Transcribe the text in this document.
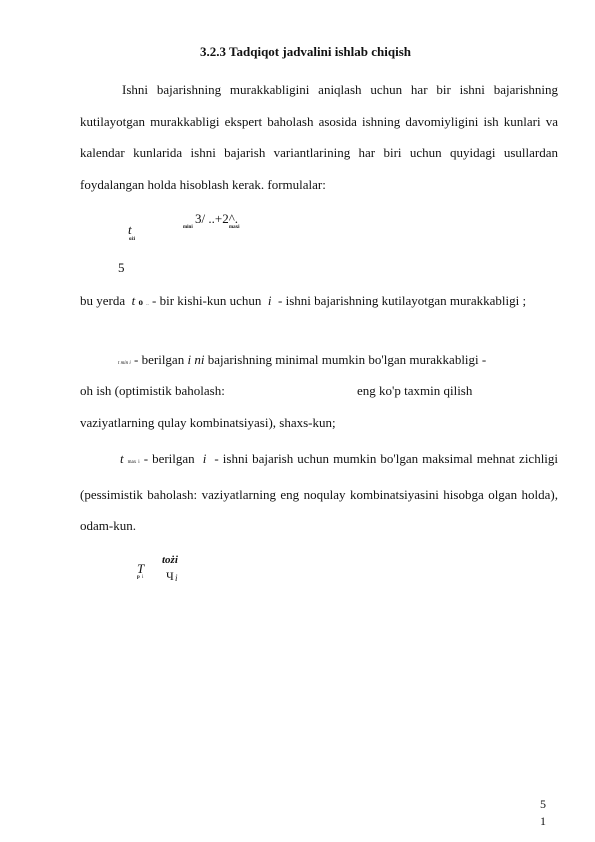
3.2.3 Tadqiqot jadvalini ishlab chiqish
Ishni bajarishning murakkabligini aniqlash uchun har bir ishni bajarishning kutilayotgan murakkabligi ekspert baholash asosida ishning davomiyligini ish kunlari va kalendar kunlarida ishni bajarish variantlarining har biri uchun quyidagi usullardan foydalangan holda hisoblash kerak. formulalar:
t
ożi
3/ ..+2^.
mini	maxi
5
bu yerda t o .. - bir kishi-kun uchun i - ishni bajarishning kutilayotgan murakkabligi ;
t min i - berilgan i ni bajarishning minimal mumkin bo'lgan murakkabligi -
oh ish (optimistik baholash:	eng ko'p taxmin qilish
vaziyatlarning qulay kombinatsiyasi), shaxs-kun;
t max i - berilgan i - ishni bajarish uchun mumkin bo'lgan maksimal mehnat zichligi (pessimistik baholash: vaziyatlarning eng noqulay kombinatsiyasini hisobga olgan holda), odam-kun.
T
p i
tożi
Ч i
5
1
